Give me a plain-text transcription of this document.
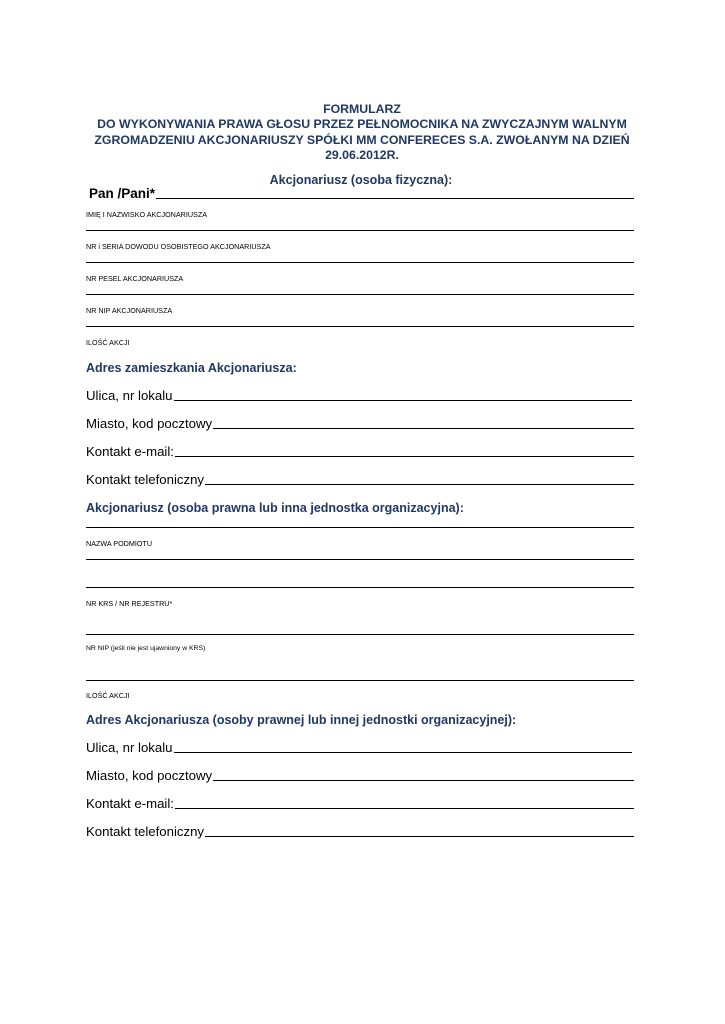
FORMULARZ
DO WYKONYWANIA PRAWA GŁOSU PRZEZ PEŁNOMOCNIKA NA ZWYCZAJNYM WALNYM
ZGROMADZENIU AKCJONARIUSZY SPÓŁKI MM CONFERECES S.A. ZWOŁANYM NA DZIEŃ
29.06.2012R.
Akcjonariusz (osoba fizyczna):
Pan /Pani*
IMIĘ I NAZWISKO AKCJONARIUSZA
NR i SERIA DOWODU OSOBISTEGO AKCJONARIUSZA
NR PESEL AKCJONARIUSZA
NR NIP AKCJONARIUSZA
ILOŚĆ AKCJI
Adres zamieszkania Akcjonariusza:
Ulica, nr lokalu
Miasto, kod pocztowy
Kontakt e-mail:
Kontakt telefoniczny
Akcjonariusz (osoba prawna lub inna jednostka organizacyjna):
NAZWA PODMIOTU
NR KRS / NR REJESTRU*
NR NIP (jeśli nie jest ujawniony w KRS)
ILOŚĆ AKCJI
Adres Akcjonariusza (osoby prawnej lub innej jednostki organizacyjnej):
Ulica, nr lokalu
Miasto, kod pocztowy
Kontakt e-mail:
Kontakt telefoniczny
